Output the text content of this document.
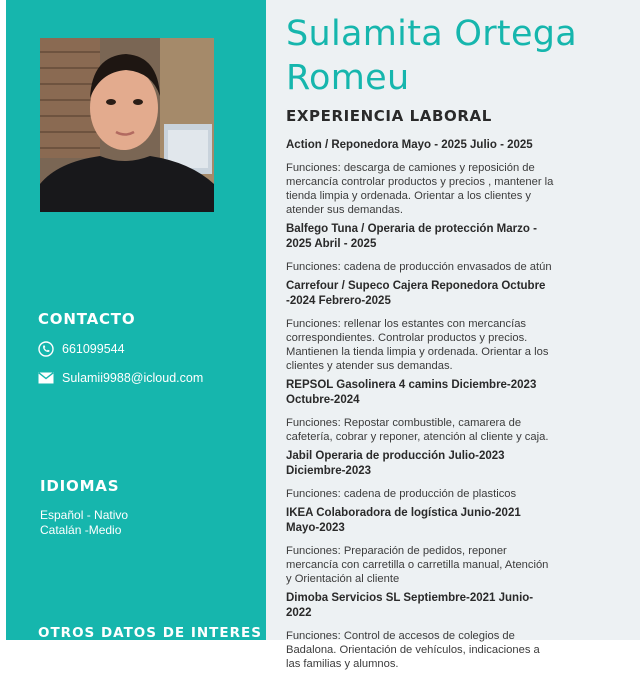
CONTACTO
661099544
Sulamii9988@icloud.com
IDIOMAS
Español - Nativo
Catalán -Medio
OTROS DATOS DE INTERES
Sulamita Ortega Romeu
EXPERIENCIA LABORAL

Action / Reponedora Mayo - 2025 Julio - 2025

Funciones: descarga de camiones y reposición de mercancía controlar productos y precios , mantener la tienda limpia y ordenada. Orientar a los clientes y atender sus demandas.

Balfego Tuna / Operaria de protección Marzo - 2025 Abril - 2025

Funciones: cadena de producción envasados de atún

Carrefour / Supeco Cajera Reponedora Octubre -2024 Febrero-2025

Funciones: rellenar los estantes con mercancías correspondientes. Controlar productos y precios. Mantienen la tienda limpia y ordenada. Orientar a los clientes y atender sus demandas.

REPSOL Gasolinera 4 camins Diciembre-2023 Octubre-2024

Funciones: Repostar combustible, camarera de cafetería, cobrar y reponer, atención al cliente y caja.

Jabil Operaria de producción Julio-2023 Diciembre-2023

Funciones: cadena de producción de plasticos

IKEA Colaboradora de logística Junio-2021 Mayo-2023

Funciones: Preparación de pedidos, reponer mercancía con carretilla o carretilla manual, Atención y Orientación al cliente

Dimoba Servicios SL Septiembre-2021 Junio-2022

Funciones: Control de accesos de colegios de Badalona. Orientación de vehículos, indicaciones a las familias y alumnos.
